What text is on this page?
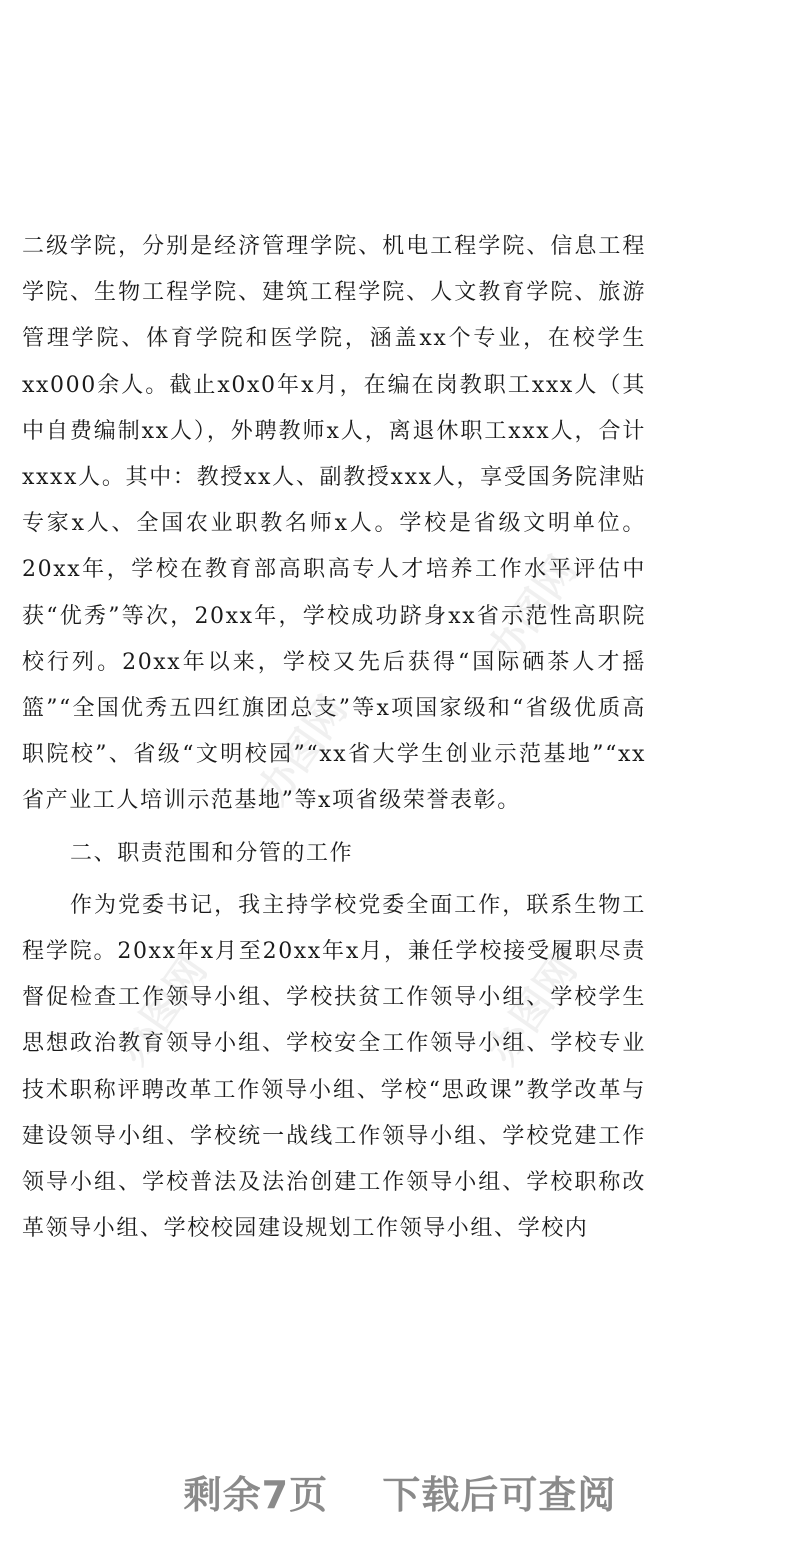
办图网
办图网
办图网
办图网

二级学院，分别是经济管理学院、机电工程学院、信息工程学院、生物工程学院、建筑工程学院、人文教育学院、旅游管理学院、体育学院和医学院，涵盖xx个专业，在校学生xx000余人。截止x0x0年x月，在编在岗教职工xxx人（其中自费编制xx人），外聘教师x人，离退休职工xxx人，合计xxxx人。其中：教授xx人、副教授xxx人，享受国务院津贴专家x人、全国农业职教名师x人。学校是省级文明单位。20xx年，学校在教育部高职高专人才培养工作水平评估中获“优秀”等次，20xx年，学校成功跻身xx省示范性高职院校行列。20xx年以来，学校又先后获得“国际硒茶人才摇篮”“全国优秀五四红旗团总支”等x项国家级和“省级优质高职院校”、省级“文明校园”“xx省大学生创业示范基地”“xx省产业工人培训示范基地”等x项省级荣誉表彰。

二、职责范围和分管的工作

作为党委书记，我主持学校党委全面工作，联系生物工程学院。20xx年x月至20xx年x月，兼任学校接受履职尽责督促检查工作领导小组、学校扶贫工作领导小组、学校学生思想政治教育领导小组、学校安全工作领导小组、学校专业技术职称评聘改革工作领导小组、学校“思政课”教学改革与建设领导小组、学校统一战线工作领导小组、学校党建工作领导小组、学校普法及法治创建工作领导小组、学校职称改革领导小组、学校校园建设规划工作领导小组、学校内

剩余7页 下载后可查阅
